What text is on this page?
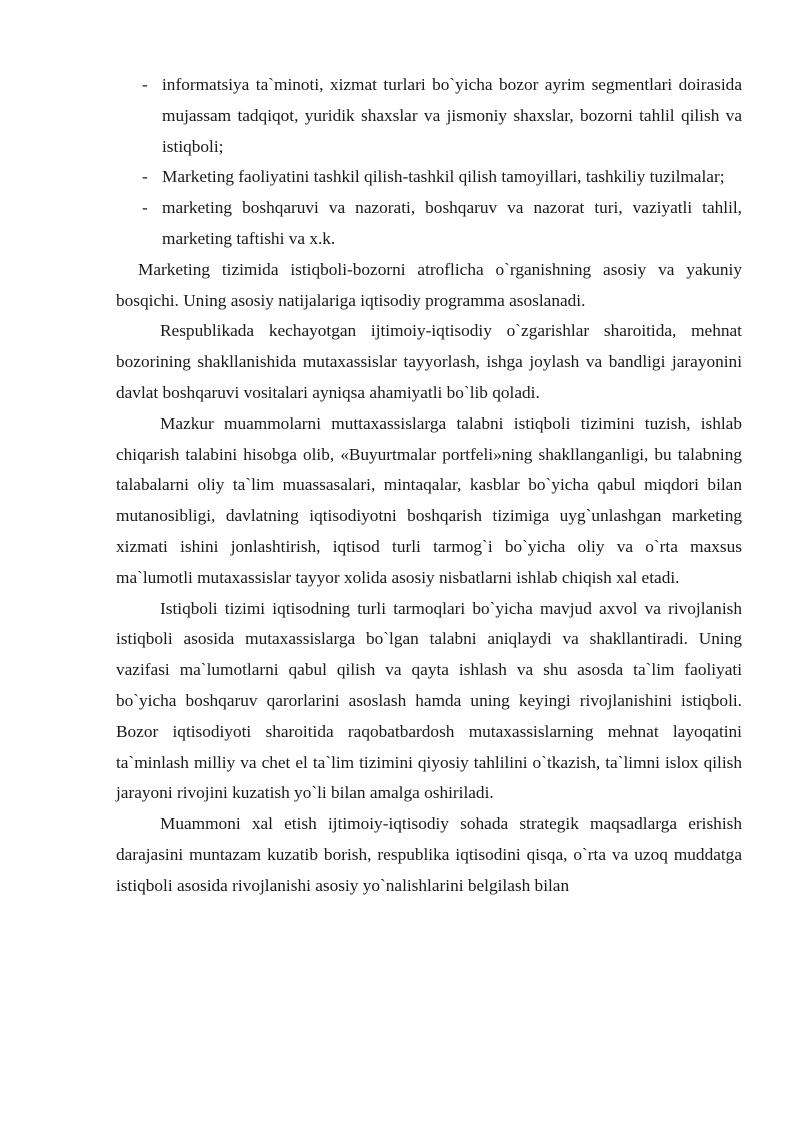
- informatsiya ta`minoti, xizmat turlari bo`yicha bozor ayrim segmentlari doirasida mujassam tadqiqot, yuridik shaxslar va jismoniy shaxslar, bozorni tahlil qilish va istiqboli;
- Marketing faoliyatini tashkil qilish-tashkil qilish tamoyillari, tashkiliy tuzilmalar;
- marketing boshqaruvi va nazorati, boshqaruv va nazorat turi, vaziyatli tahlil, marketing taftishi va x.k.

Marketing tizimida istiqboli-bozorni atroflicha o`rganishning asosiy va yakuniy bosqichi. Uning asosiy natijalariga iqtisodiy programma asoslanadi.

Respublikada kechayotgan ijtimoiy-iqtisodiy o`zgarishlar sharoitida, mehnat bozorining shakllanishida mutaxassislar tayyorlash, ishga joylash va bandligi jarayonini davlat boshqaruvi vositalari ayniqsa ahamiyatli bo`lib qoladi.

Mazkur muammolarni muttaxassislarga talabni istiqboli tizimini tuzish, ishlab chiqarish talabini hisobga olib, «Buyurtmalar portfeli»ning shakllanganligi, bu talabning talabalarni oliy ta`lim muassasalari, mintaqalar, kasblar bo`yicha qabul miqdori bilan mutanosibligi, davlatning iqtisodiyotni boshqarish tizimiga uyg`unlashgan marketing xizmati ishini jonlashtirish, iqtisod turli tarmog`i bo`yicha oliy va o`rta maxsus ma`lumotli mutaxassislar tayyor xolida asosiy nisbatlarni ishlab chiqish xal etadi.

Istiqboli tizimi iqtisodning turli tarmoqlari bo`yicha mavjud axvol va rivojlanish istiqboli asosida mutaxassislarga bo`lgan talabni aniqlaydi va shakllantiradi. Uning vazifasi ma`lumotlarni qabul qilish va qayta ishlash va shu asosda ta`lim faoliyati bo`yicha boshqaruv qarorlarini asoslash hamda uning keyingi rivojlanishini istiqboli. Bozor iqtisodiyoti sharoitida raqobatbardosh mutaxassislarning mehnat layoqatini ta`minlash milliy va chet el ta`lim tizimini qiyosiy tahlilini o`tkazish, ta`limni islox qilish jarayoni rivojini kuzatish yo`li bilan amalga oshiriladi.

Muammoni xal etish ijtimoiy-iqtisodiy sohada strategik maqsadlarga erishish darajasini muntazam kuzatib borish, respublika iqtisodini qisqa, o`rta va uzoq muddatga istiqboli asosida rivojlanishi asosiy yo`nalishlarini belgilash bilan
